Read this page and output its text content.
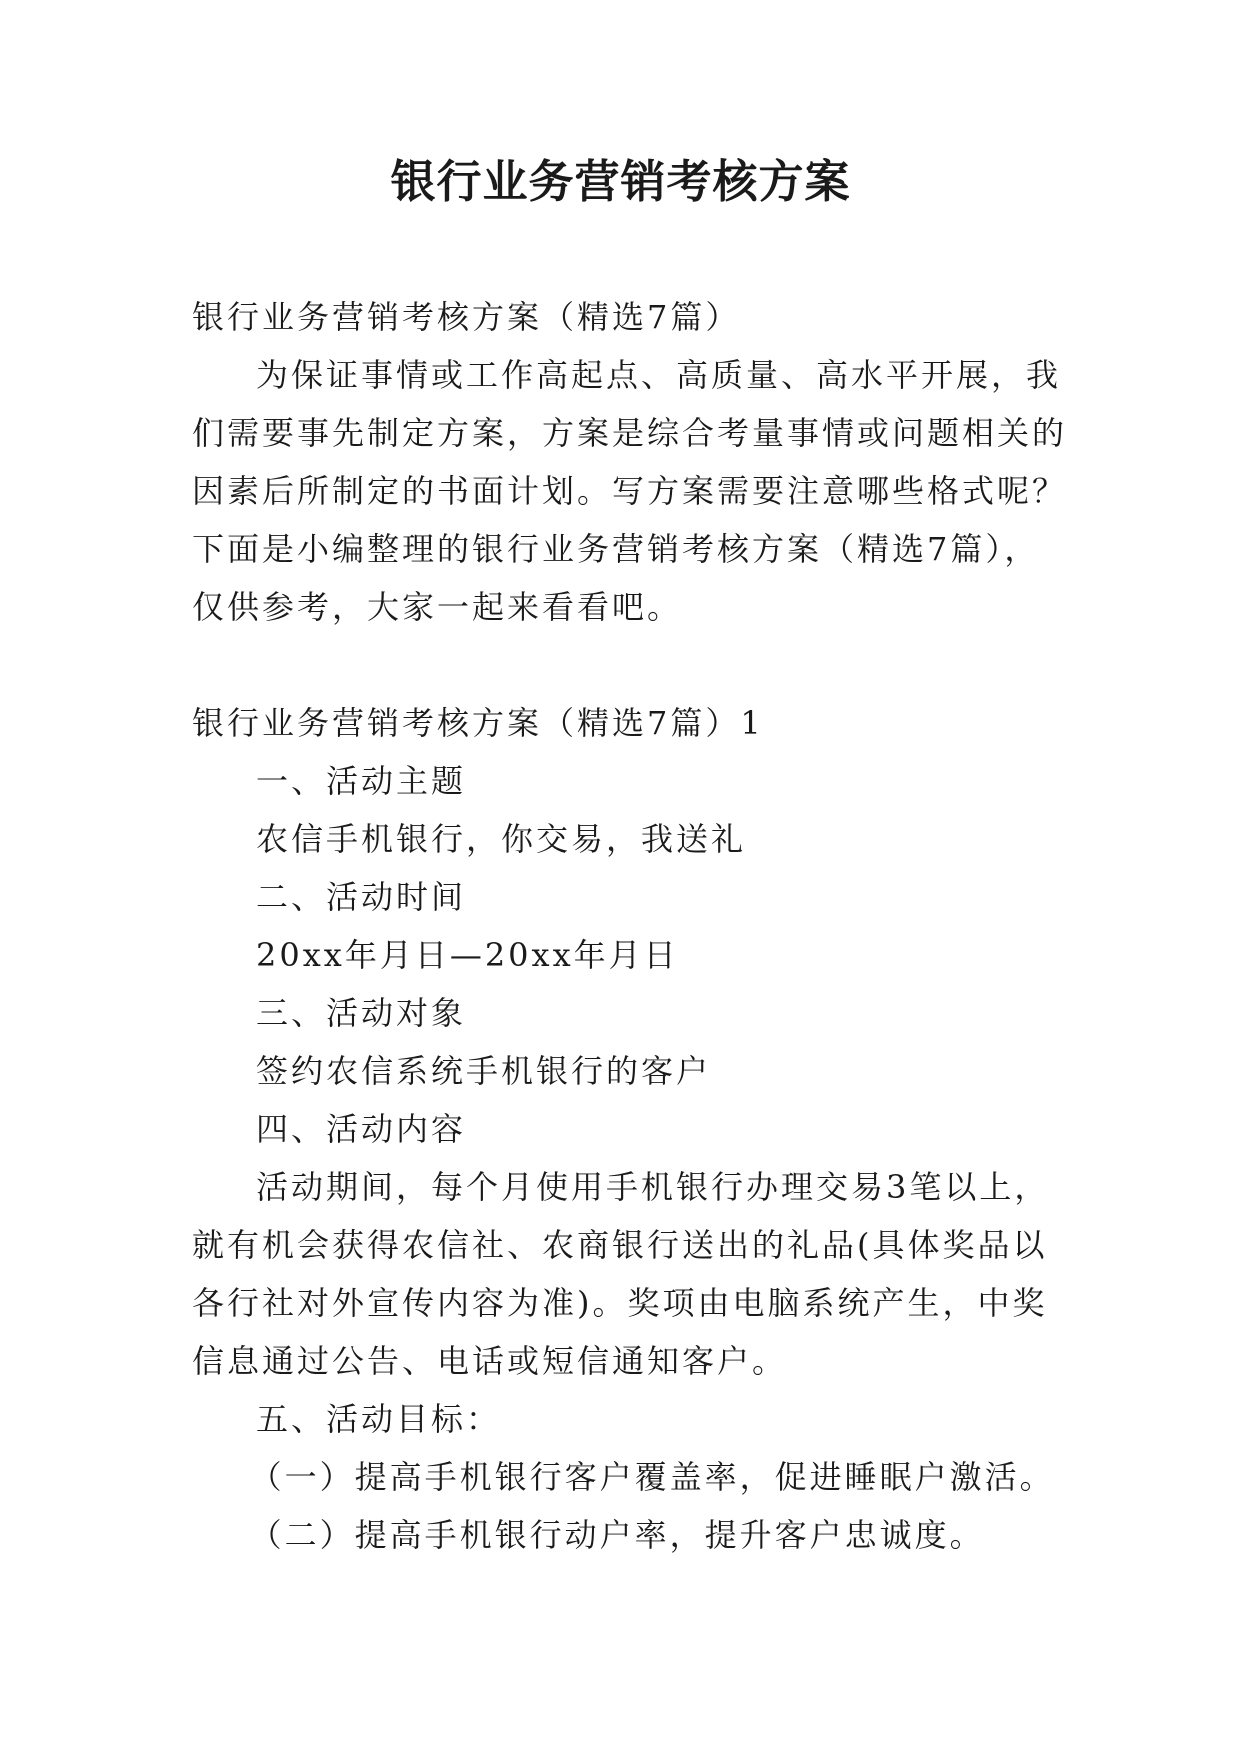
银行业务营销考核方案

银行业务营销考核方案（精选7篇）

为保证事情或工作高起点、高质量、高水平开展，我们需要事先制定方案，方案是综合考量事情或问题相关的因素后所制定的书面计划。写方案需要注意哪些格式呢？下面是小编整理的银行业务营销考核方案（精选7篇），仅供参考，大家一起来看看吧。

银行业务营销考核方案（精选7篇）1

一、活动主题

农信手机银行，你交易，我送礼

二、活动时间

20xx年月日—20xx年月日

三、活动对象

签约农信系统手机银行的客户

四、活动内容

活动期间，每个月使用手机银行办理交易3笔以上，就有机会获得农信社、农商银行送出的礼品(具体奖品以各行社对外宣传内容为准)。奖项由电脑系统产生，中奖信息通过公告、电话或短信通知客户。

五、活动目标：

（一）提高手机银行客户覆盖率，促进睡眠户激活。

（二）提高手机银行动户率，提升客户忠诚度。
